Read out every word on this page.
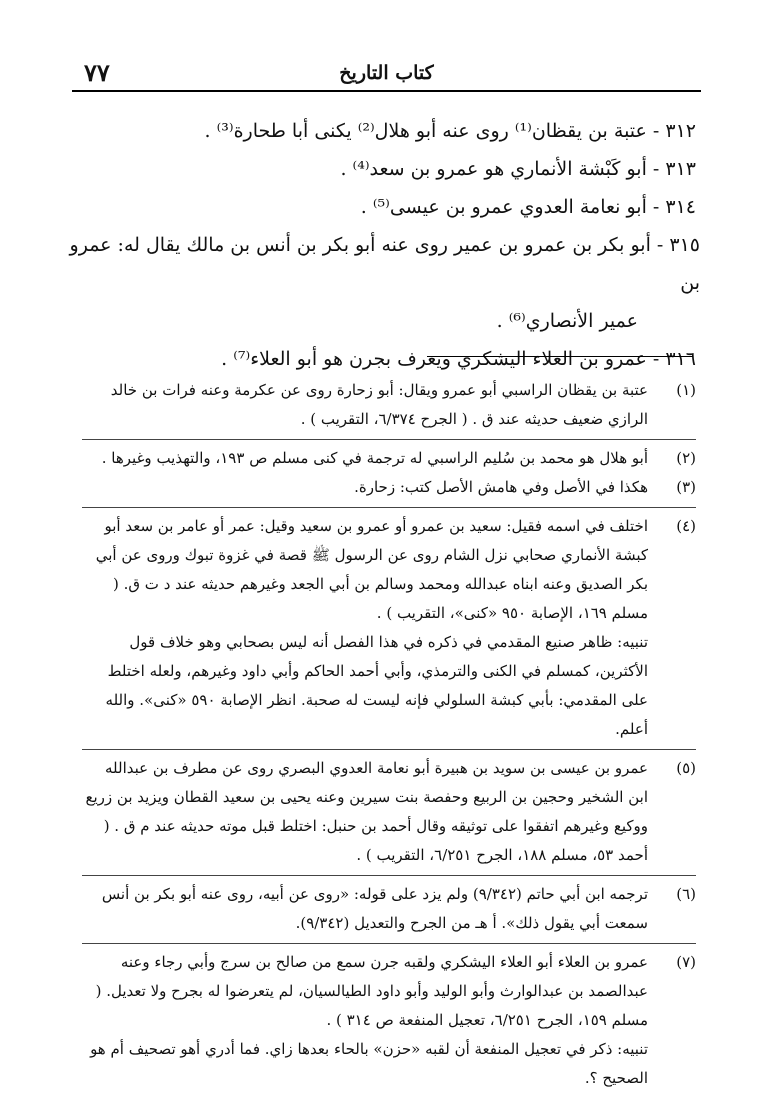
٧٧	كتاب التاريخ

٣١٢ - عتبة بن يقظان⁽¹⁾ روى عنه أبو هلال⁽²⁾ يكنى أبا طحارة⁽³⁾ .

٣١٣ - أبو كَبْشة الأنماري هو عمرو بن سعد⁽⁴⁾ .

٣١٤ - أبو نعامة العدوي عمرو بن عيسى⁽⁵⁾ .

٣١٥ - أبو بكر بن عمرو بن عمير روى عنه أبو بكر بن أنس بن مالك يقال له: عمرو بن
عمير الأنصاري⁽⁶⁾ .

٣١٦ - عمرو بن العلاء اليشكري ويعرف بجرن هو أبو العلاء⁽⁷⁾ .

(١)
عتبة بن يقظان الراسبي أبو عمرو ويقال: أبو زحارة روى عن عكرمة وعنه فرات بن خالد الرازي ضعيف حديثه عند ق . ( الجرح ٦/٣٧٤، التقريب ) .

(٢)
أبو هلال هو محمد بن سُليم الراسبي له ترجمة في كنى مسلم ص ١٩٣، والتهذيب وغيرها .

(٣)
هكذا في الأصل وفي هامش الأصل كتب: زحارة.

(٤)
اختلف في اسمه فقيل: سعيد بن عمرو أو عمرو بن سعيد وقيل: عمر أو عامر بن سعد أبو كبشة الأنماري صحابي نزل الشام روى عن الرسول ﷺ قصة في غزوة تبوك وروى عن أبي بكر الصديق وعنه ابناه عبدالله ومحمد وسالم بن أبي الجعد وغيرهم حديثه عند د ت ق. ( مسلم ١٦٩، الإصابة ٩٥٠ «كنى»، التقريب ) .
تنبيه: ظاهر صنيع المقدمي في ذكره في هذا الفصل أنه ليس بصحابي وهو خلاف قول الأكثرين، كمسلم في الكنى والترمذي، وأبي أحمد الحاكم وأبي داود وغيرهم، ولعله اختلط على المقدمي: بأبي كبشة السلولي فإنه ليست له صحبة. انظر الإصابة ٥٩٠ «كنى». والله أعلم.

(٥)
عمرو بن عيسى بن سويد بن هبيرة أبو نعامة العدوي البصري روى عن مطرف بن عبدالله ابن الشخير وحجين بن الربيع وحفصة بنت سيرين وعنه يحيى بن سعيد القطان ويزيد بن زريع ووكيع وغيرهم اتفقوا على توثيقه وقال أحمد بن حنبل: اختلط قبل موته حديثه عند م ق . ( أحمد ٥٣، مسلم ١٨٨، الجرح ٦/٢٥١، التقريب ) .

(٦)
ترجمه ابن أبي حاتم (٩/٣٤٢) ولم يزد على قوله: «روى عن أبيه، روى عنه أبو بكر بن أنس سمعت أبي يقول ذلك». أ هـ من الجرح والتعديل (٩/٣٤٢).

(٧)
عمرو بن العلاء أبو العلاء اليشكري ولقبه جرن سمع من صالح بن سرج وأبي رجاء وعنه عبدالصمد بن عبدالوارث وأبو الوليد وأبو داود الطيالسيان، لم يتعرضوا له بجرح ولا تعديل. ( مسلم ١٥٩، الجرح ٦/٢٥١، تعجيل المنفعة ص ٣١٤ ) .
تنبيه: ذكر في تعجيل المنفعة أن لقبه «حزن» بالحاء بعدها زاي. فما أدري أهو تصحيف أم هو الصحيح ؟.
